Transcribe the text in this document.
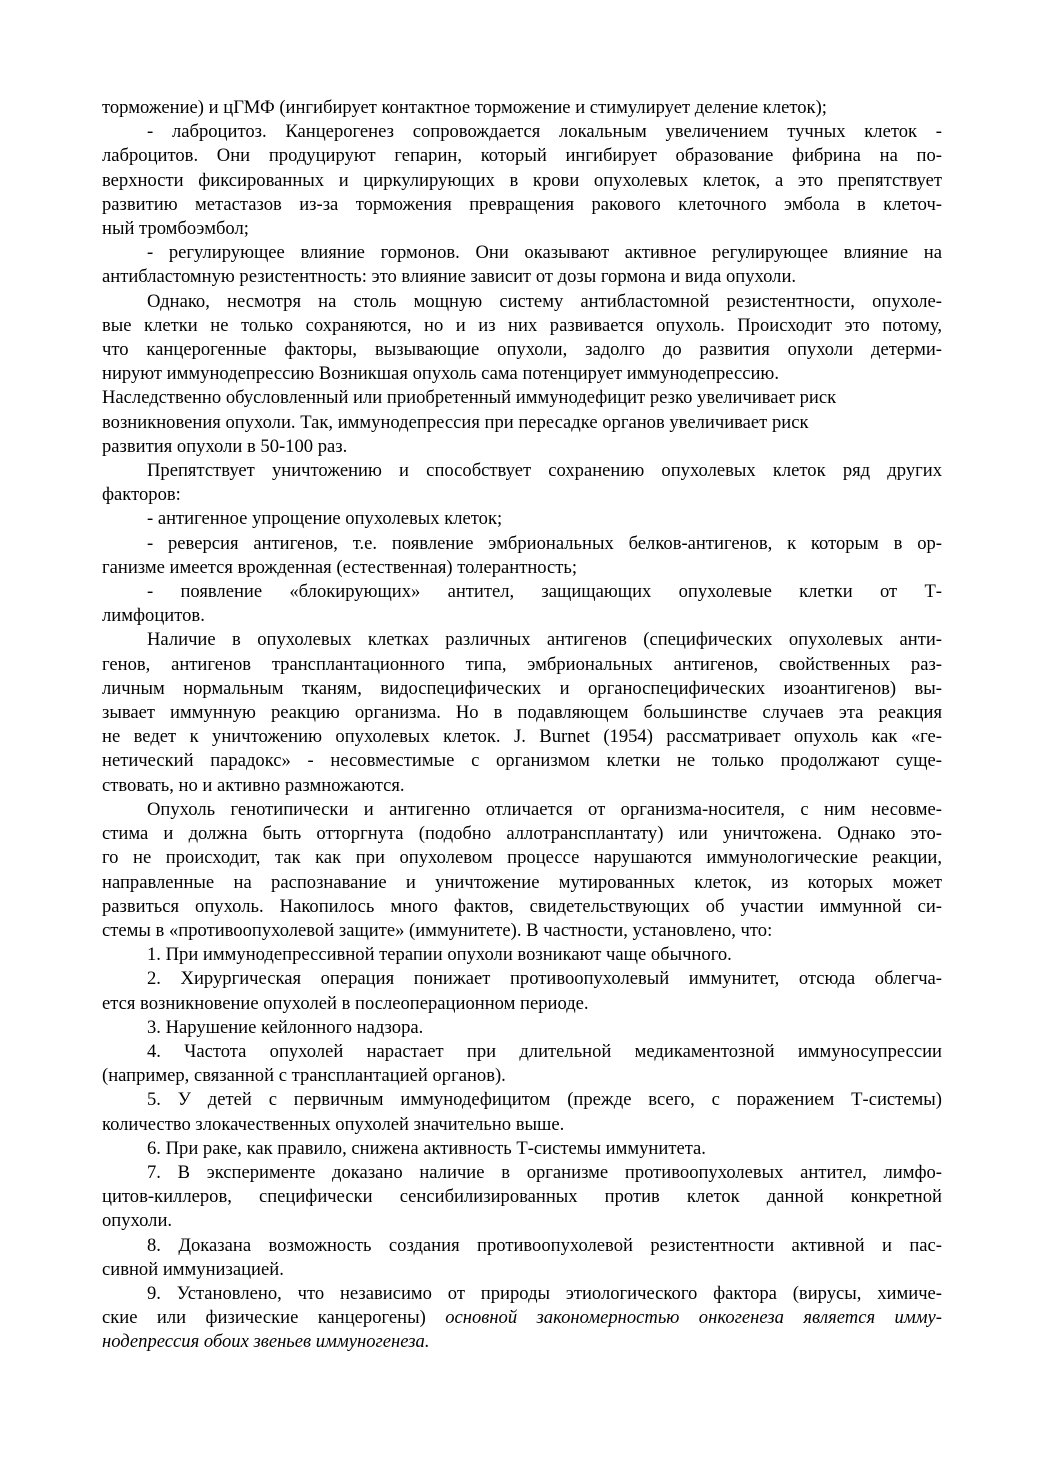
торможение) и цГМФ (ингибирует контактное торможение и стимулирует деление клеток);
- лаброцитоз. Канцерогенез сопровождается локальным увеличением тучных клеток -
лаброцитов. Они продуцируют гепарин, который ингибирует образование фибрина на по-
верхности фиксированных и циркулирующих в крови опухолевых клеток, а это препятствует
развитию метастазов из-за торможения превращения ракового клеточного эмбола в клеточ-
ный тромбоэмбол;
- регулирующее влияние гормонов. Они оказывают активное регулирующее влияние на
антибластомную резистентность: это влияние зависит от дозы гормона и вида опухоли.
Однако, несмотря на столь мощную систему антибластомной резистентности, опухоле-
вые клетки не только сохраняются, но и из них развивается опухоль. Происходит это потому,
что канцерогенные факторы, вызывающие опухоли, задолго до развития опухоли детерми-
нируют иммунодепрессию Возникшая опухоль сама потенцирует иммунодепрессию.
Наследственно обусловленный или приобретенный иммунодефицит резко увеличивает риск
возникновения опухоли. Так, иммунодепрессия при пересадке органов увеличивает риск
развития опухоли в 50-100 раз.
Препятствует уничтожению и способствует сохранению опухолевых клеток ряд других
факторов:
- антигенное упрощение опухолевых клеток;
- реверсия антигенов, т.е. появление эмбриональных белков-антигенов, к которым в ор-
ганизме имеется врожденная (естественная) толерантность;
- появление «блокирующих» антител, защищающих опухолевые клетки от Т-
лимфоцитов.
Наличие в опухолевых клетках различных антигенов (специфических опухолевых анти-
генов, антигенов трансплантационного типа, эмбриональных антигенов, свойственных раз-
личным нормальным тканям, видоспецифических и органоспецифических изоантигенов) вы-
зывает иммунную реакцию организма. Но в подавляющем большинстве случаев эта реакция
не ведет к уничтожению опухолевых клеток. J. Burnet (1954) рассматривает опухоль как «ге-
нетический парадокс» - несовместимые с организмом клетки не только продолжают суще-
ствовать, но и активно размножаются.
Опухоль генотипически и антигенно отличается от организма-носителя, с ним несовме-
стима и должна быть отторгнута (подобно аллотрансплантату) или уничтожена. Однако это-
го не происходит, так как при опухолевом процессе нарушаются иммунологические реакции,
направленные на распознавание и уничтожение мутированных клеток, из которых может
развиться опухоль. Накопилось много фактов, свидетельствующих об участии иммунной си-
стемы в «противоопухолевой защите» (иммунитете). В частности, установлено, что:
1. При иммунодепрессивной терапии опухоли возникают чаще обычного.
2. Хирургическая операция понижает противоопухолевый иммунитет, отсюда облегча-
ется возникновение опухолей в послеоперационном периоде.
3. Нарушение кейлонного надзора.
4. Частота опухолей нарастает при длительной медикаментозной иммуносупрессии
(например, связанной с трансплантацией органов).
5. У детей с первичным иммунодефицитом (прежде всего, с поражением Т-системы)
количество злокачественных опухолей значительно выше.
6. При раке, как правило, снижена активность Т-системы иммунитета.
7. В эксперименте доказано наличие в организме противоопухолевых антител, лимфо-
цитов-киллеров, специфически сенсибилизированных против клеток данной конкретной
опухоли.
8. Доказана возможность создания противоопухолевой резистентности активной и пас-
сивной иммунизацией.
9. Установлено, что независимо от природы этиологического фактора (вирусы, химиче-
ские или физические канцерогены) основной закономерностью онкогенеза является имму-
нодепрессия обоих звеньев иммуногенеза.
